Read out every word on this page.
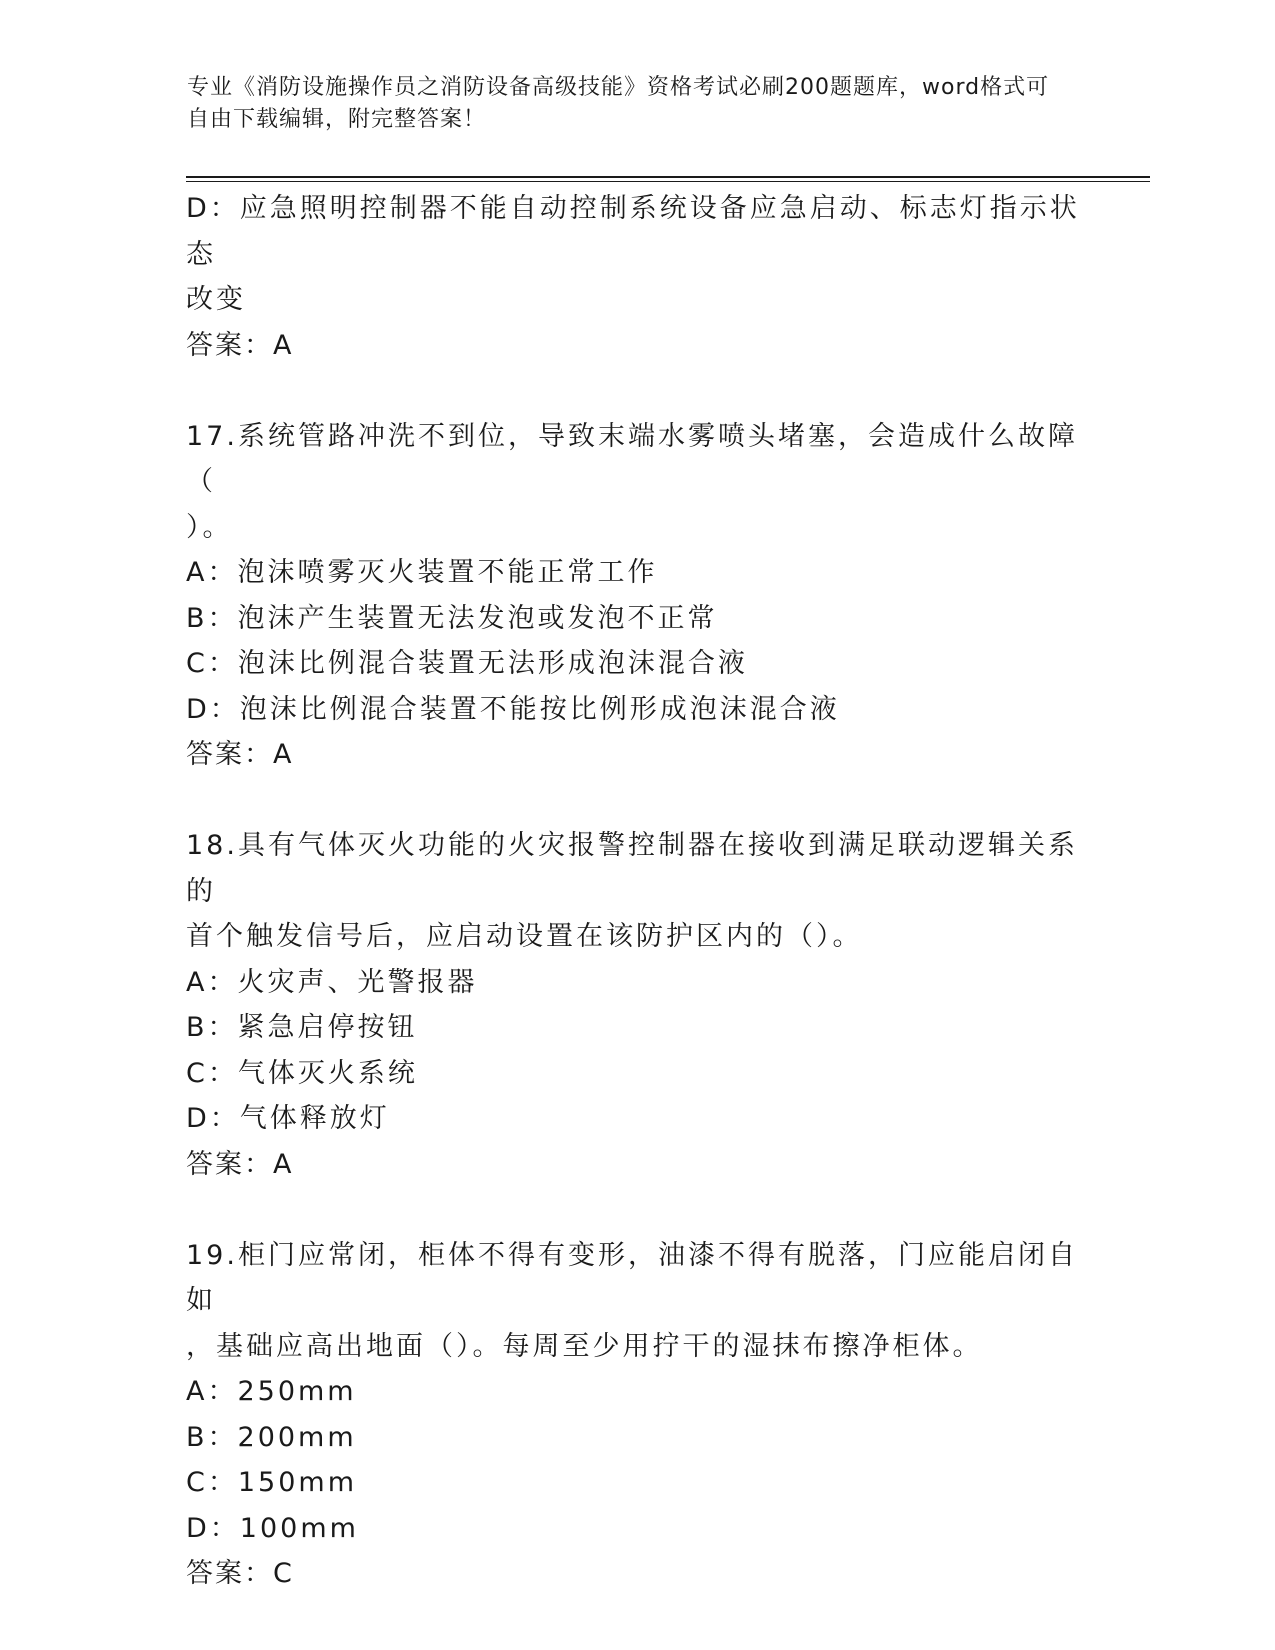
专业《消防设施操作员之消防设备高级技能》资格考试必刷200题题库，word格式可自由下载编辑，附完整答案！
D：应急照明控制器不能自动控制系统设备应急启动、标志灯指示状态
改变
答案：A
17.系统管路冲洗不到位，导致末端水雾喷头堵塞，会造成什么故障（
）。
A：泡沫喷雾灭火装置不能正常工作
B：泡沫产生装置无法发泡或发泡不正常
C：泡沫比例混合装置无法形成泡沫混合液
D：泡沫比例混合装置不能按比例形成泡沫混合液
答案：A
18.具有气体灭火功能的火灾报警控制器在接收到满足联动逻辑关系的
首个触发信号后，应启动设置在该防护区内的（）。
A：火灾声、光警报器
B：紧急启停按钮
C：气体灭火系统
D：气体释放灯
答案：A
19.柜门应常闭，柜体不得有变形，油漆不得有脱落，门应能启闭自如
，基础应高出地面（）。每周至少用拧干的湿抹布擦净柜体。
A：250mm
B：200mm
C：150mm
D：100mm
答案：C
